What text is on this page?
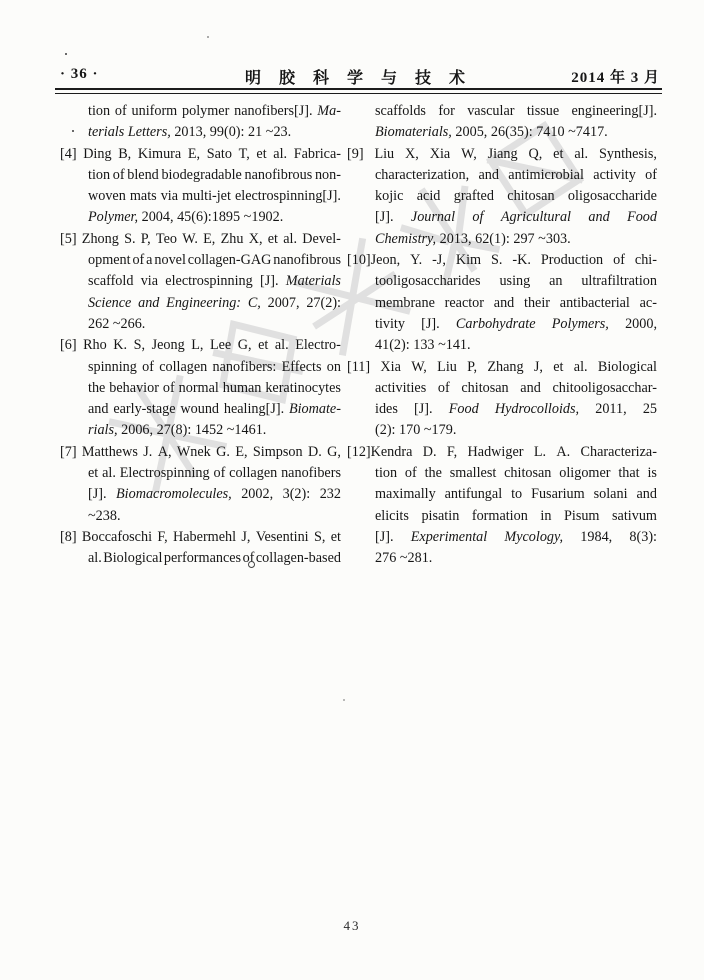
· 36 ·	明 胶 科 学 与 技 术	2014 年 3 月
tion of uniform polymer nanofibers[J]. Ma-
terials Letters, 2013, 99(0): 21 ~23.
[4] Ding B, Kimura E, Sato T, et al. Fabrica-
tion of blend biodegradable nanofibrous non-
woven mats via multi-jet electrospinning[J].
Polymer, 2004, 45(6):1895 ~1902.
[5] Zhong S. P, Teo W. E, Zhu X, et al. Devel-
opment of a novel collagen-GAG nanofibrous
scaffold via electrospinning [J]. Materials
Science and Engineering: C, 2007, 27(2):
262 ~266.
[6] Rho K. S, Jeong L, Lee G, et al. Electro-
spinning of collagen nanofibers: Effects on
the behavior of normal human keratinocytes
and early-stage wound healing[J]. Biomate-
rials, 2006, 27(8): 1452 ~1461.
[7] Matthews J. A, Wnek G. E, Simpson D. G,
et al. Electrospinning of collagen nanofibers
[J]. Biomacromolecules, 2002, 3(2): 232
~238.
[8] Boccafoschi F, Habermehl J, Vesentini S, et
al. Biological performances of collagen-based
scaffolds for vascular tissue engineering[J].
Biomaterials, 2005, 26(35): 7410 ~7417.
[9] Liu X, Xia W, Jiang Q, et al. Synthesis,
characterization, and antimicrobial activity of
kojic acid grafted chitosan oligosaccharide
[J]. Journal of Agricultural and Food
Chemistry, 2013, 62(1): 297 ~303.
[10]Jeon, Y. -J, Kim S. -K. Production of chi-
tooligosaccharides using an ultrafiltration
membrane reactor and their antibacterial ac-
tivity [J]. Carbohydrate Polymers, 2000,
41(2): 133 ~141.
[11] Xia W, Liu P, Zhang J, et al. Biological
activities of chitosan and chitooligosacchar-
ides [J]. Food Hydrocolloids, 2011, 25
(2): 170 ~179.
[12]Kendra D. F, Hadwiger L. A. Characteriza-
tion of the smallest chitosan oligomer that is
maximally antifungal to Fusarium solani and
elicits pisatin formation in Pisum sativum
[J]. Experimental Mycology, 1984, 8(3):
276 ~281.
43
